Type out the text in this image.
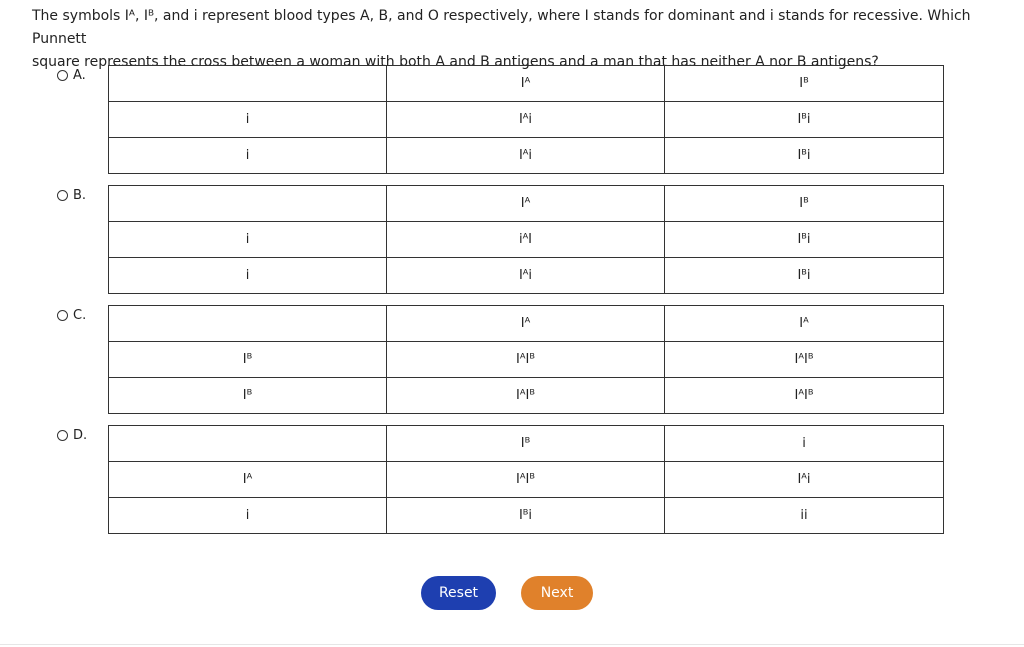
The symbols Iᴬ, Iᴮ, and i represent blood types A, B, and O respectively, where I stands for dominant and i stands for recessive. Which Punnett
square represents the cross between a woman with both A and B antigens and a man that has neither A nor B antigens?
A.
	Iᴬ	Iᴮ
i	Iᴬi	Iᴮi
i	Iᴬi	Iᴮi
B.
	Iᴬ	Iᴮ
i	iᴬI	Iᴮi
i	Iᴬi	Iᴮi
C.
	Iᴬ	Iᴬ
Iᴮ	IᴬIᴮ	IᴬIᴮ
Iᴮ	IᴬIᴮ	IᴬIᴮ
D.
	Iᴮ	i
Iᴬ	IᴬIᴮ	Iᴬi
i	Iᴮi	ii
Reset	Next
